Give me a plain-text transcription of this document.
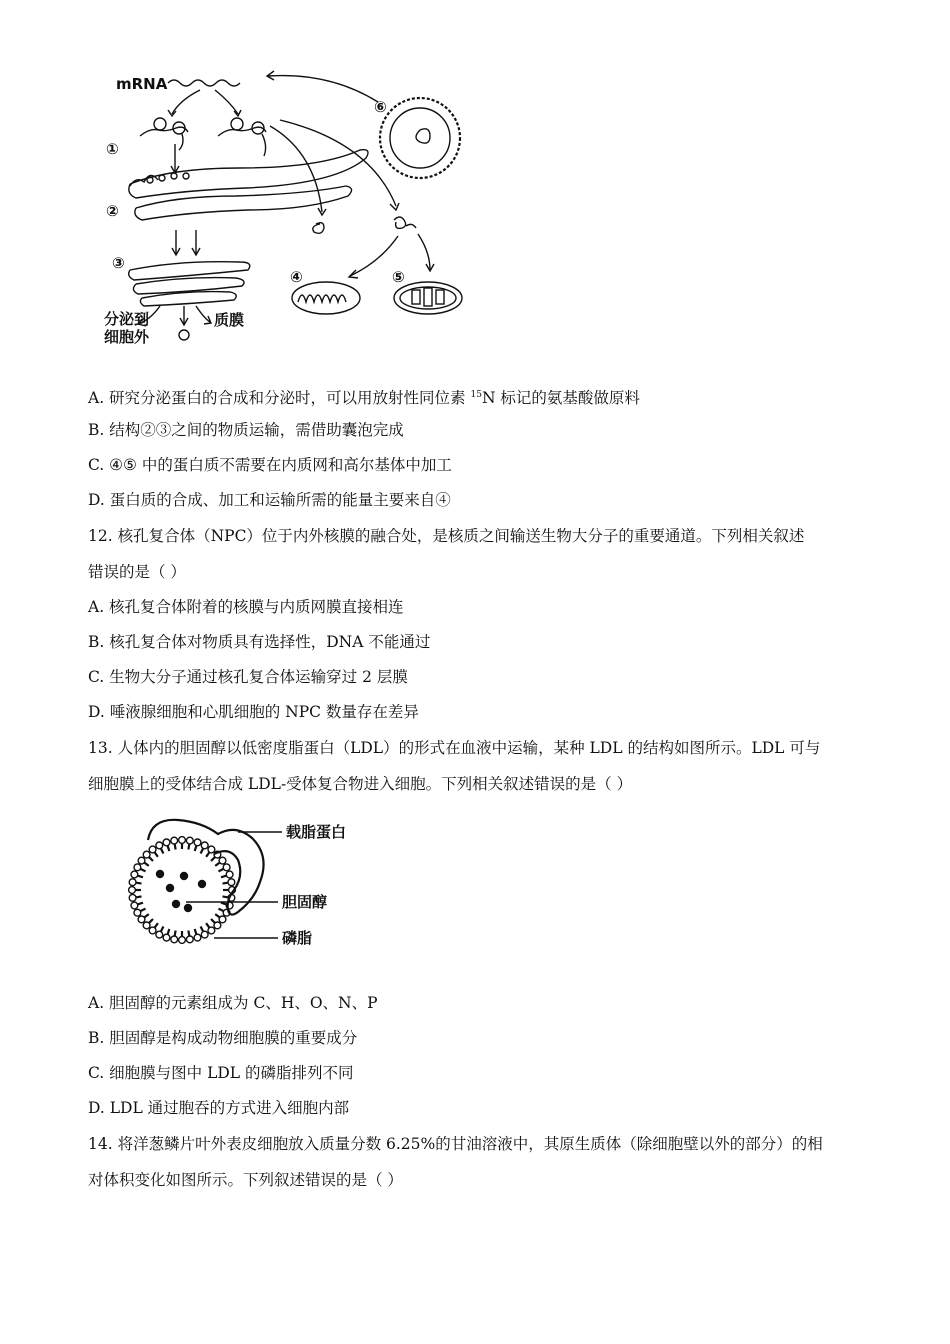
mRNA
①
②
③
④	⑤
⑥
分泌到
细胞外
质膜
A. 研究分泌蛋白的合成和分泌时，可以用放射性同位素 $^{15}$N 标记的氨基酸做原料
B. 结构②③之间的物质运输，需借助囊泡完成
C. ④⑤ 中的蛋白质不需要在内质网和高尔基体中加工
D. 蛋白质的合成、加工和运输所需的能量主要来自④
12. 核孔复合体（NPC）位于内外核膜的融合处，是核质之间输送生物大分子的重要通道。下列相关叙述
错误的是（ ）
A. 核孔复合体附着的核膜与内质网膜直接相连
B. 核孔复合体对物质具有选择性，DNA 不能通过
C. 生物大分子通过核孔复合体运输穿过 2 层膜
D. 唾液腺细胞和心肌细胞的 NPC 数量存在差异
13. 人体内的胆固醇以低密度脂蛋白（LDL）的形式在血液中运输，某种 LDL 的结构如图所示。LDL 可与
细胞膜上的受体结合成 LDL-受体复合物进入细胞。下列相关叙述错误的是（ ）
载脂蛋白
胆固醇
磷脂
A. 胆固醇的元素组成为 C、H、O、N、P
B. 胆固醇是构成动物细胞膜的重要成分
C. 细胞膜与图中 LDL 的磷脂排列不同
D. LDL 通过胞吞的方式进入细胞内部
14. 将洋葱鳞片叶外表皮细胞放入质量分数 6.25%的甘油溶液中，其原生质体（除细胞壁以外的部分）的相
对体积变化如图所示。下列叙述错误的是（ ）
